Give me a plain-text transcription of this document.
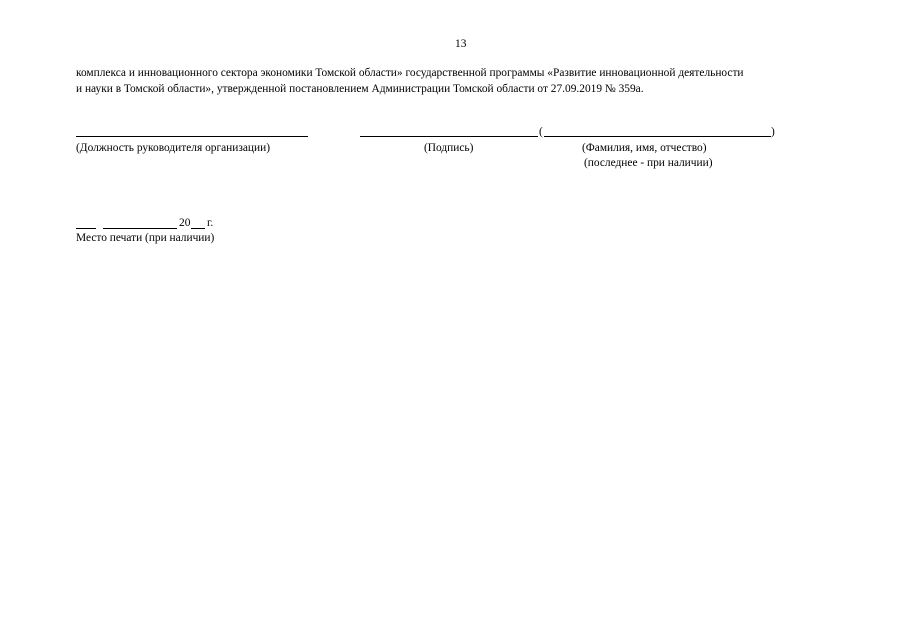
13
комплекса и инновационного сектора экономики Томской области» государственной программы «Развитие инновационной деятельности
и науки в Томской области», утвержденной постановлением Администрации Томской области от 27.09.2019 № 359а.
(	)
(Должность руководителя организации)	(Подпись)	(Фамилия, имя, отчество)
(последнее - при наличии)
20 г.
Место печати (при наличии)
